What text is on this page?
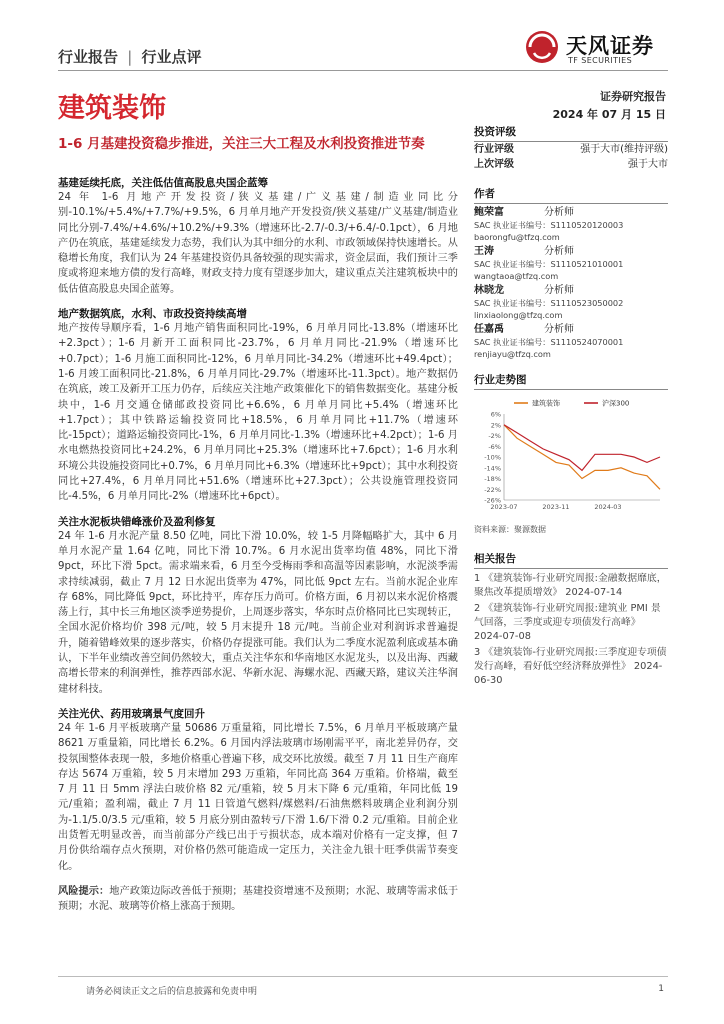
行业报告 | 行业点评	天风证券
TF SECURITIES
建筑装饰	证券研究报告
2024 年 07 月 15 日
1-6 月基建投资稳步推进，关注三大工程及水利投资推进节奏
基建延续托底，关注低估值高股息央国企蓝筹

24 年 1-6 月地产开发投资/狭义基建/广义基建/制造业同比分别-10.1%/+5.4%/+7.7%/+9.5%，6 月单月地产开发投资/狭义基建/广义基建/制造业同比分别-7.4%/+4.6%/+10.2%/+9.3%（增速环比-2.7/-0.3/+6.4/-0.1pct），6 月地产仍在筑底，基建延续发力态势，我们认为其中细分的水利、市政领域保持快速增长。从稳增长角度，我们认为 24 年基建投资仍具备较强的现实需求，资金层面，我们预计三季度或将迎来地方债的发行高峰，财政支持力度有望逐步加大，建议重点关注建筑板块中的低估值高股息央国企蓝筹。

地产数据筑底，水利、市政投资持续高增

地产按传导顺序看，1-6 月地产销售面积同比-19%，6 月单月同比-13.8%（增速环比+2.3pct）；1-6 月新开工面积同比-23.7%，6 月单月同比-21.9%（增速环比+0.7pct）；1-6 月施工面积同比-12%，6 月单月同比-34.2%（增速环比+49.4pct）；1-6 月竣工面积同比-21.8%，6 月单月同比-29.7%（增速环比-11.3pct）。地产数据仍在筑底，竣工及新开工压力仍存，后续应关注地产政策催化下的销售数据变化。基建分板块中，1-6 月交通仓储邮政投资同比+6.6%，6 月单月同比+5.4%（增速环比+1.7pct）；其中铁路运输投资同比+18.5%，6 月单月同比+11.7%（增速环比-15pct）；道路运输投资同比-1%，6 月单月同比-1.3%（增速环比+4.2pct）；1-6 月水电燃热投资同比+24.2%，6 月单月同比+25.3%（增速环比+7.6pct）；1-6 月水利环境公共设施投资同比+0.7%，6 月单月同比+6.3%（增速环比+9pct）；其中水利投资同比+27.4%，6 月单月同比+51.6%（增速环比+27.3pct）；公共设施管理投资同比-4.5%，6 月单月同比-2%（增速环比+6pct）。

关注水泥板块错峰涨价及盈利修复

24 年 1-6 月水泥产量 8.50 亿吨，同比下滑 10.0%，较 1-5 月降幅略扩大，其中 6 月单月水泥产量 1.64 亿吨，同比下滑 10.7%。6 月水泥出货率均值 48%，同比下滑 9pct，环比下滑 5pct。需求端来看，6 月至今受梅雨季和高温等因素影响，水泥淡季需求持续减弱，截止 7 月 12 日水泥出货率为 47%，同比低 9pct 左右。当前水泥企业库存 68%，同比降低 9pct，环比持平，库存压力尚可。价格方面，6 月初以来水泥价格震荡上行，其中长三角地区淡季逆势提价，上周逐步落实，华东时点价格同比已实现转正，全国水泥价格均价 398 元/吨，较 5 月末提升 18 元/吨。当前企业对利润诉求普遍提升，随着错峰效果的逐步落实，价格仍存提涨可能。我们认为二季度水泥盈利底或基本确认，下半年业绩改善空间仍然较大，重点关注华东和华南地区水泥龙头，以及出海、西藏高增长带来的利润弹性，推荐西部水泥、华新水泥、海螺水泥、西藏天路，建议关注华润建材科技。

关注光伏、药用玻璃景气度回升

24 年 1-6 月平板玻璃产量 50686 万重量箱，同比增长 7.5%，6 月单月平板玻璃产量 8621 万重量箱，同比增长 6.2%。6 月国内浮法玻璃市场刚需平平，南北差异仍存，交投氛围整体表现一般，多地价格重心普遍下移，成交环比放缓。截至 7 月 11 日生产商库存达 5674 万重箱，较 5 月末增加 293 万重箱，年同比高 364 万重箱。价格端，截至 7 月 11 日 5mm 浮法白玻价格 82 元/重箱，较 5 月末下降 6 元/重箱，年同比低 19 元/重箱；盈利端，截止 7 月 11 日管道气燃料/煤燃料/石油焦燃料玻璃企业利润分别为-1.1/5.0/3.5 元/重箱，较 5 月底分别由盈转亏/下滑 1.6/下滑 0.2 元/重箱。目前企业出货暂无明显改善，而当前部分产线已出于亏损状态，成本端对价格有一定支撑，但 7 月份供给端存点火预期，对价格仍然可能造成一定压力，关注金九银十旺季供需节奏变化。

风险提示：地产政策边际改善低于预期；基建投资增速不及预期；水泥、玻璃等需求低于预期；水泥、玻璃等价格上涨高于预期。

投资评级
行业评级	强于大市(维持评级)
上次评级	强于大市
作者
鲍荣富	分析师
SAC 执业证书编号：S1110520120003
baorongfu@tfzq.com
王涛	分析师
SAC 执业证书编号：S1110521010001
wangtaoa@tfzq.com
林晓龙	分析师
SAC 执业证书编号：S1110523050002
linxiaolong@tfzq.com
任嘉禹	分析师
SAC 执业证书编号：S1110524070001
renjiayu@tfzq.com
行业走势图
6%
2%
-2%
-6%
-10%
-14%
-18%
-22%
-26%
2023-07	2023-11	2024-03
建筑装饰	沪深300
资料来源：聚源数据
相关报告

1 《建筑装饰-行业研究周报:金融数据靡底，聚焦改革提质增效》 2024-07-14

2 《建筑装饰-行业研究周报:建筑业 PMI 景气回落，三季度或迎专项债发行高峰》 2024-07-08

3 《建筑装饰-行业研究周报:三季度迎专项债发行高峰，看好低空经济释放弹性》 2024-06-30

请务必阅读正文之后的信息披露和免责申明	1
